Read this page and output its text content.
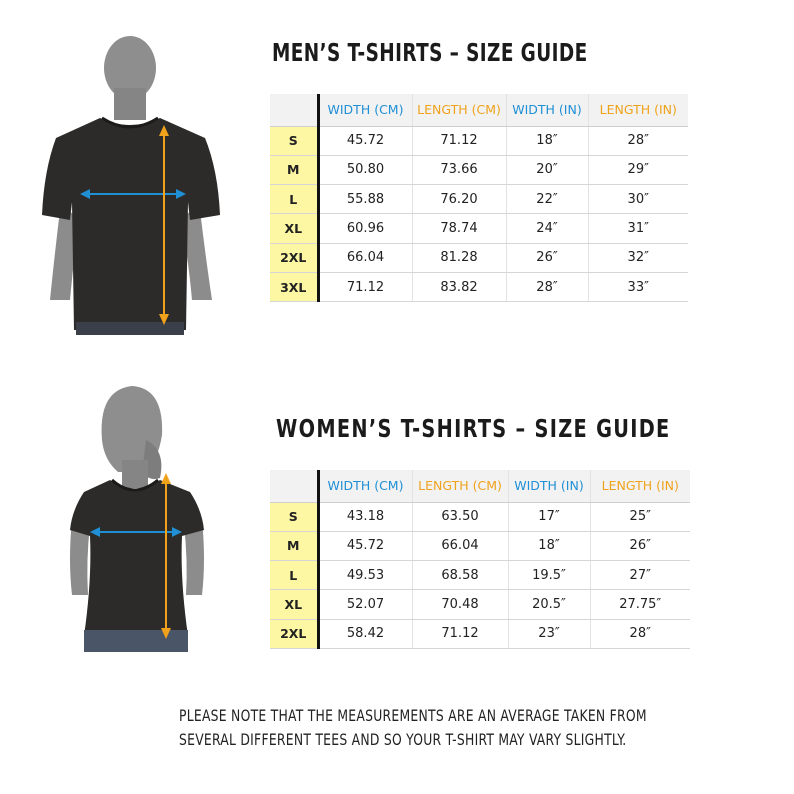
MEN’S T-SHIRTS – SIZE GUIDE
	WIDTH (CM)	LENGTH (CM)	WIDTH (IN)	LENGTH (IN)
S	45.72	71.12	18″	28″
M	50.80	73.66	20″	29″
L	55.88	76.20	22″	30″
XL	60.96	78.74	24″	31″
2XL	66.04	81.28	26″	32″
3XL	71.12	83.82	28″	33″
WOMEN’S T-SHIRTS – SIZE GUIDE
	WIDTH (CM)	LENGTH (CM)	WIDTH (IN)	LENGTH (IN)
S	43.18	63.50	17″	25″
M	45.72	66.04	18″	26″
L	49.53	68.58	19.5″	27″
XL	52.07	70.48	20.5″	27.75″
2XL	58.42	71.12	23″	28″
PLEASE NOTE THAT THE MEASUREMENTS ARE AN AVERAGE TAKEN FROM
SEVERAL DIFFERENT TEES AND SO YOUR T-SHIRT MAY VARY SLIGHTLY.
